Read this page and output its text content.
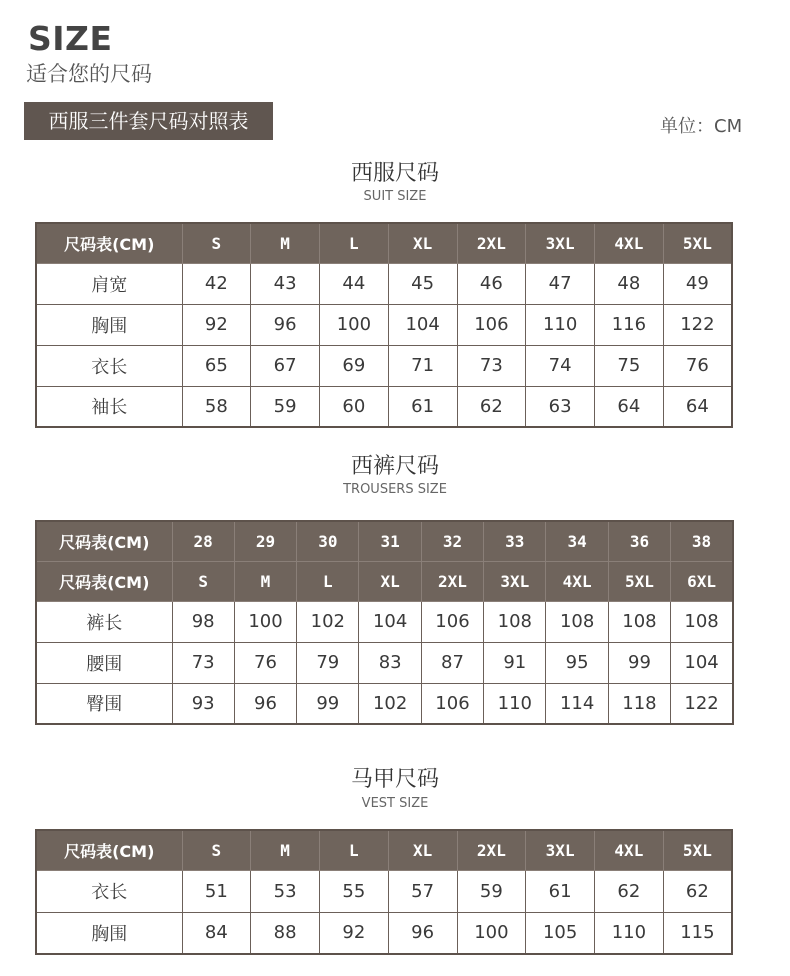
SIZE
适合您的尺码
西服三件套尺码对照表	单位：CM
西服尺码
SUIT SIZE
尺码表(CM)	S	M	L	XL	2XL	3XL	4XL	5XL
肩宽	42	43	44	45	46	47	48	49
胸围	92	96	100	104	106	110	116	122
衣长	65	67	69	71	73	74	75	76
袖长	58	59	60	61	62	63	64	64
西裤尺码
TROUSERS SIZE
尺码表(CM)	28	29	30	31	32	33	34	36	38
尺码表(CM)	S	M	L	XL	2XL	3XL	4XL	5XL	6XL
裤长	98	100	102	104	106	108	108	108	108
腰围	73	76	79	83	87	91	95	99	104
臀围	93	96	99	102	106	110	114	118	122
马甲尺码
VEST SIZE
尺码表(CM)	S	M	L	XL	2XL	3XL	4XL	5XL
衣长	51	53	55	57	59	61	62	62
胸围	84	88	92	96	100	105	110	115
